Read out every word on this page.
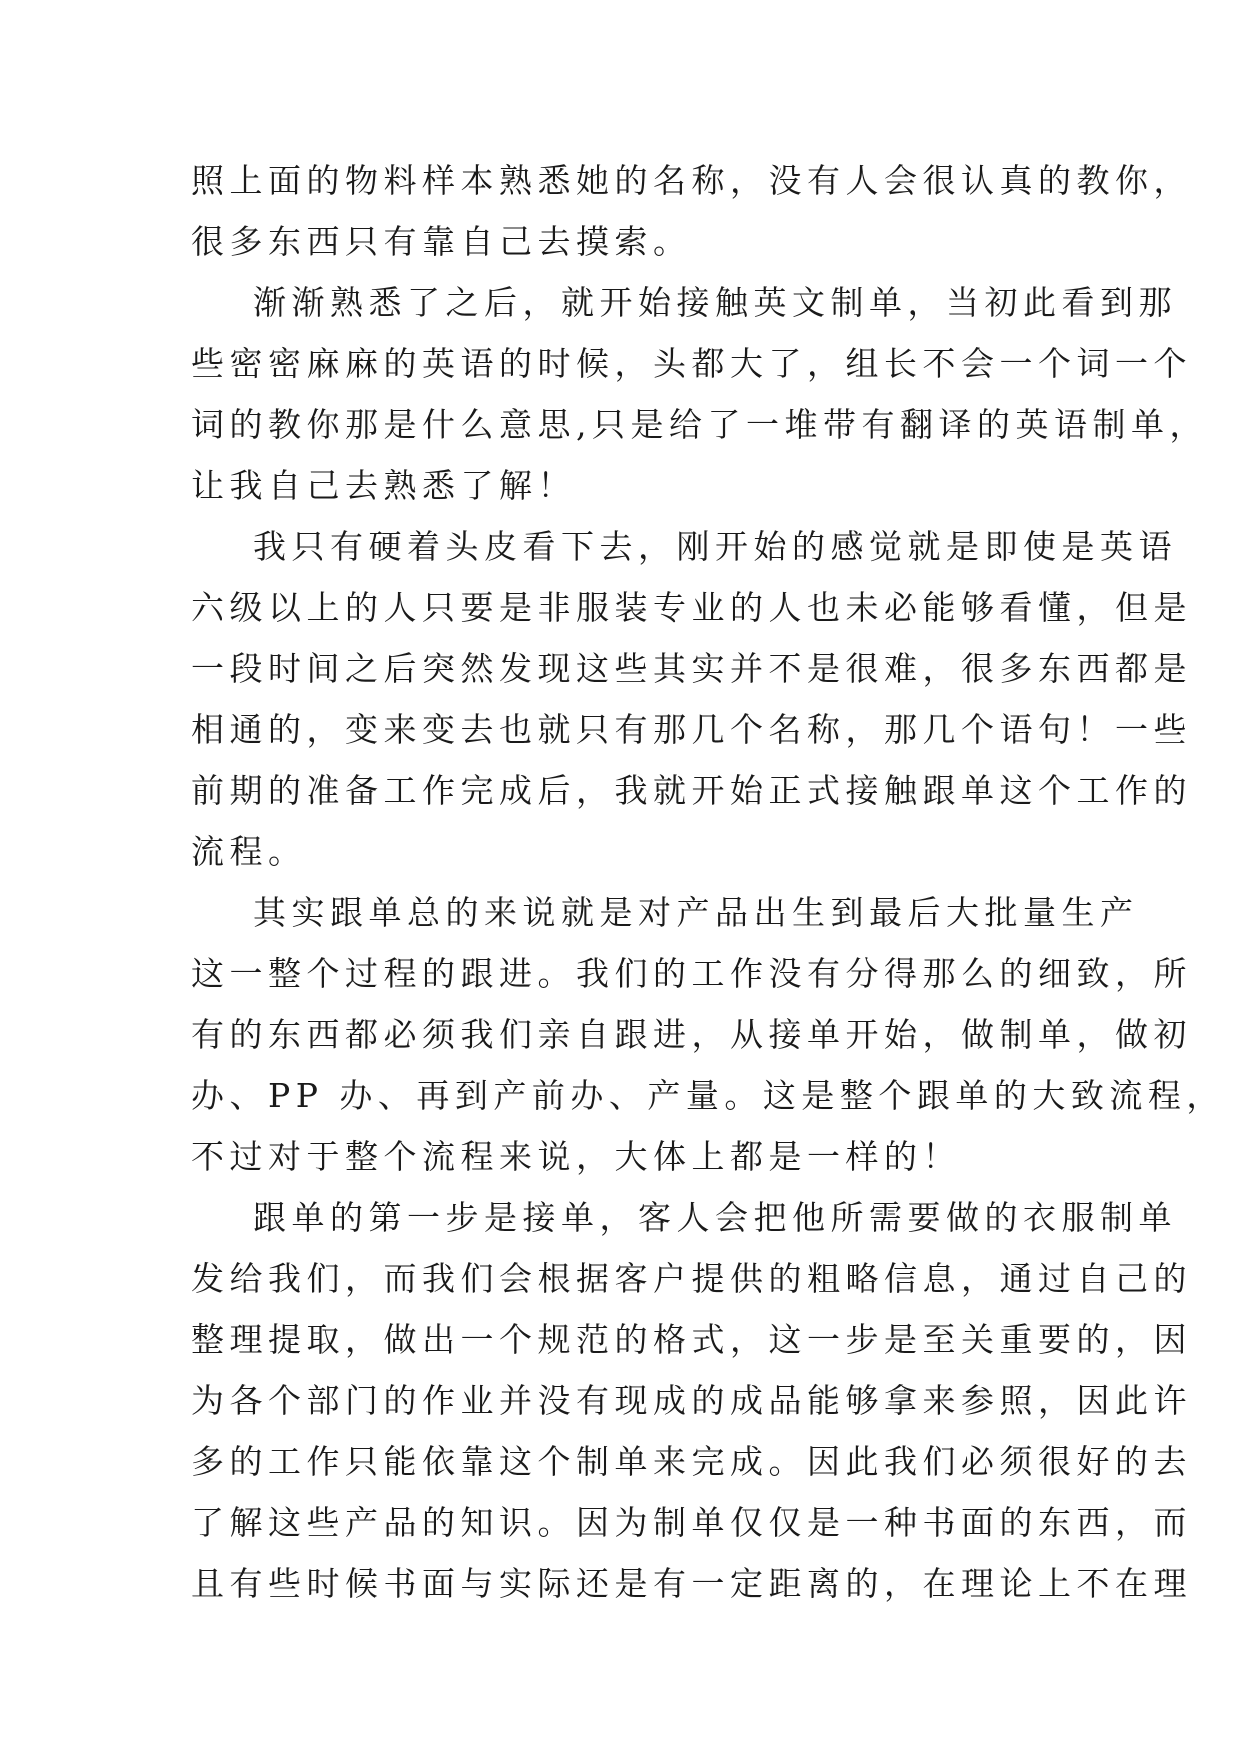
照上面的物料样本熟悉她的名称，没有人会很认真的教你，
很多东西只有靠自己去摸索。
渐渐熟悉了之后，就开始接触英文制单，当初此看到那
些密密麻麻的英语的时候，头都大了，组长不会一个词一个
词的教你那是什么意思,只是给了一堆带有翻译的英语制单，
让我自己去熟悉了解！
我只有硬着头皮看下去，刚开始的感觉就是即使是英语
六级以上的人只要是非服装专业的人也未必能够看懂，但是
一段时间之后突然发现这些其实并不是很难，很多东西都是
相通的，变来变去也就只有那几个名称，那几个语句！一些
前期的准备工作完成后，我就开始正式接触跟单这个工作的
流程。
其实跟单总的来说就是对产品出生到最后大批量生产
这一整个过程的跟进。我们的工作没有分得那么的细致，所
有的东西都必须我们亲自跟进，从接单开始，做制单，做初
办、PP 办、再到产前办、产量。这是整个跟单的大致流程，
不过对于整个流程来说，大体上都是一样的！
跟单的第一步是接单，客人会把他所需要做的衣服制单
发给我们，而我们会根据客户提供的粗略信息，通过自己的
整理提取，做出一个规范的格式，这一步是至关重要的，因
为各个部门的作业并没有现成的成品能够拿来参照，因此许
多的工作只能依靠这个制单来完成。因此我们必须很好的去
了解这些产品的知识。因为制单仅仅是一种书面的东西，而
且有些时候书面与实际还是有一定距离的，在理论上不在理
